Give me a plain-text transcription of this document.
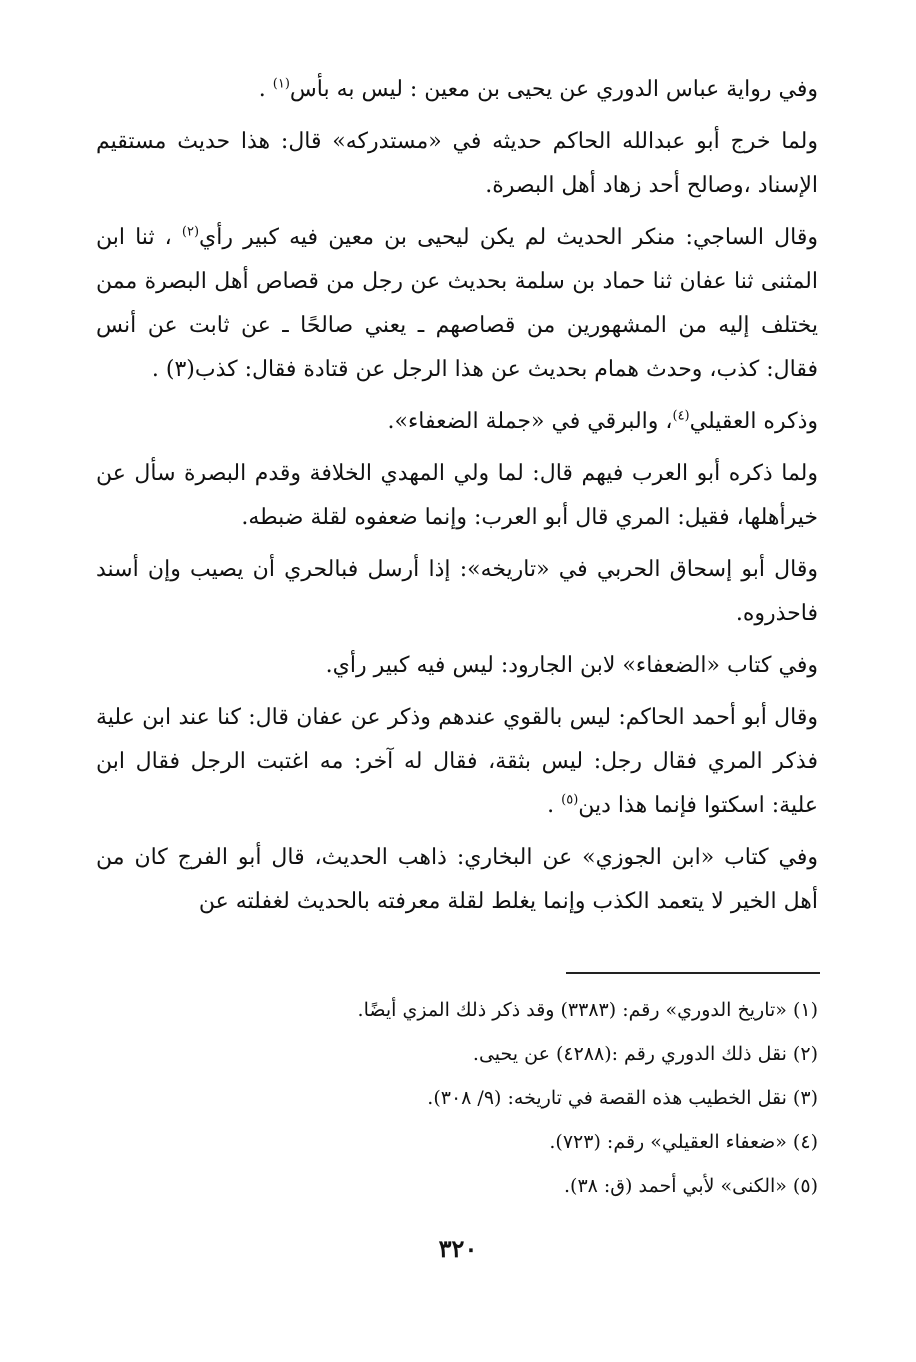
وفي رواية عباس الدوري عن يحيى بن معين : ليس به بأس$^{(١)}$ .

ولما خرج أبو عبدالله الحاكم حديثه في «مستدركه» قال: هذا حديث مستقيم الإسناد ،وصالح أحد زهاد أهل البصرة.

وقال الساجي: منكر الحديث لم يكن ليحيى بن معين فيه كبير رأي$^{(٢)}$ ، ثنا ابن المثنى ثنا عفان ثنا حماد بن سلمة بحديث عن رجل من قصاص أهل البصرة ممن يختلف إليه من المشهورين من قصاصهم ـ يعني صالحًا ـ عن ثابت عن أنس فقال: كذب، وحدث همام بحديث عن هذا الرجل عن قتادة فقال: كذب(٣) .

وذكره العقيلي$^{(٤)}$، والبرقي في «جملة الضعفاء».

ولما ذكره أبو العرب فيهم قال: لما ولي المهدي الخلافة وقدم البصرة سأل عن خيرأهلها، فقيل: المري قال أبو العرب: وإنما ضعفوه لقلة ضبطه.

وقال أبو إسحاق الحربي في «تاريخه»: إذا أرسل فبالحري أن يصيب وإن أسند فاحذروه.

وفي كتاب «الضعفاء» لابن الجارود: ليس فيه كبير رأي.

وقال أبو أحمد الحاكم: ليس بالقوي عندهم وذكر عن عفان قال: كنا عند ابن علية فذكر المري فقال رجل: ليس بثقة، فقال له آخر: مه اغتبت الرجل فقال ابن علية: اسكتوا فإنما هذا دين$^{(٥)}$ .

وفي كتاب «ابن الجوزي» عن البخاري: ذاهب الحديث، قال أبو الفرج كان من أهل الخير لا يتعمد الكذب وإنما يغلط لقلة معرفته بالحديث لغفلته عن

(١) «تاريخ الدوري» رقم: (٣٣٨٣) وقد ذكر ذلك المزي أيضًا.

(٢) نقل ذلك الدوري رقم :(٤٢٨٨) عن يحيى.

(٣) نقل الخطيب هذه القصة في تاريخه: (٩/ ٣٠٨).

(٤) «ضعفاء العقيلي» رقم: (٧٢٣).

(٥) «الكنى» لأبي أحمد (ق: ٣٨).

٣٢٠
